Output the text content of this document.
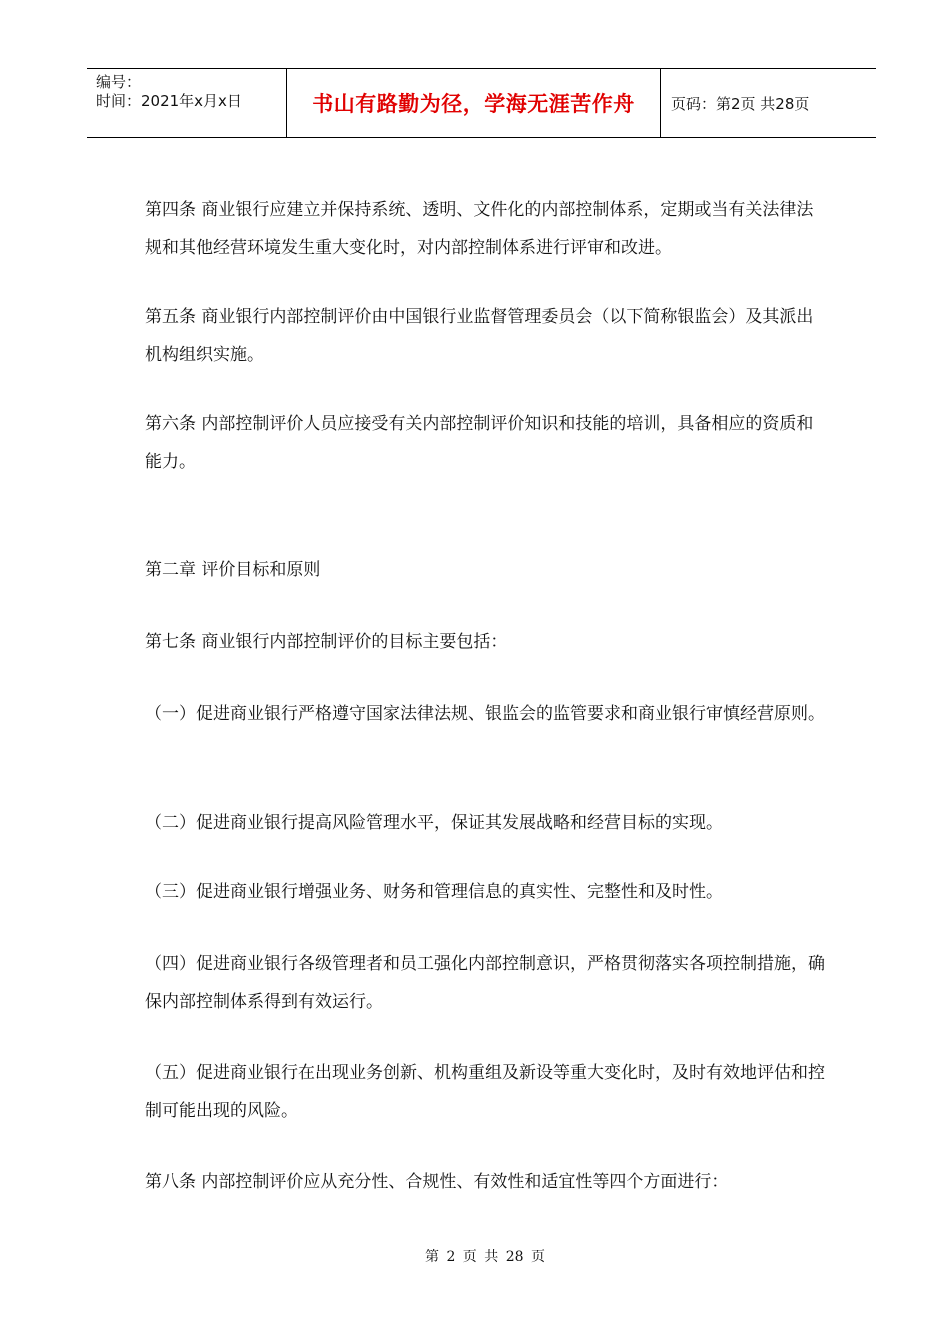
编号：
时间：2021年x月x日	书山有路勤为径，学海无涯苦作舟	页码：第2页 共28页

第四条 商业银行应建立并保持系统、透明、文件化的内部控制体系，定期或当有关法律法规和其他经营环境发生重大变化时，对内部控制体系进行评审和改进。

第五条 商业银行内部控制评价由中国银行业监督管理委员会（以下简称银监会）及其派出机构组织实施。

第六条 内部控制评价人员应接受有关内部控制评价知识和技能的培训，具备相应的资质和能力。

第二章 评价目标和原则

第七条 商业银行内部控制评价的目标主要包括：

（一）促进商业银行严格遵守国家法律法规、银监会的监管要求和商业银行审慎经营原则。

（二）促进商业银行提高风险管理水平，保证其发展战略和经营目标的实现。

（三）促进商业银行增强业务、财务和管理信息的真实性、完整性和及时性。

（四）促进商业银行各级管理者和员工强化内部控制意识，严格贯彻落实各项控制措施，确保内部控制体系得到有效运行。

（五）促进商业银行在出现业务创新、机构重组及新设等重大变化时，及时有效地评估和控制可能出现的风险。

第八条 内部控制评价应从充分性、合规性、有效性和适宜性等四个方面进行：

第 2 页 共 28 页
